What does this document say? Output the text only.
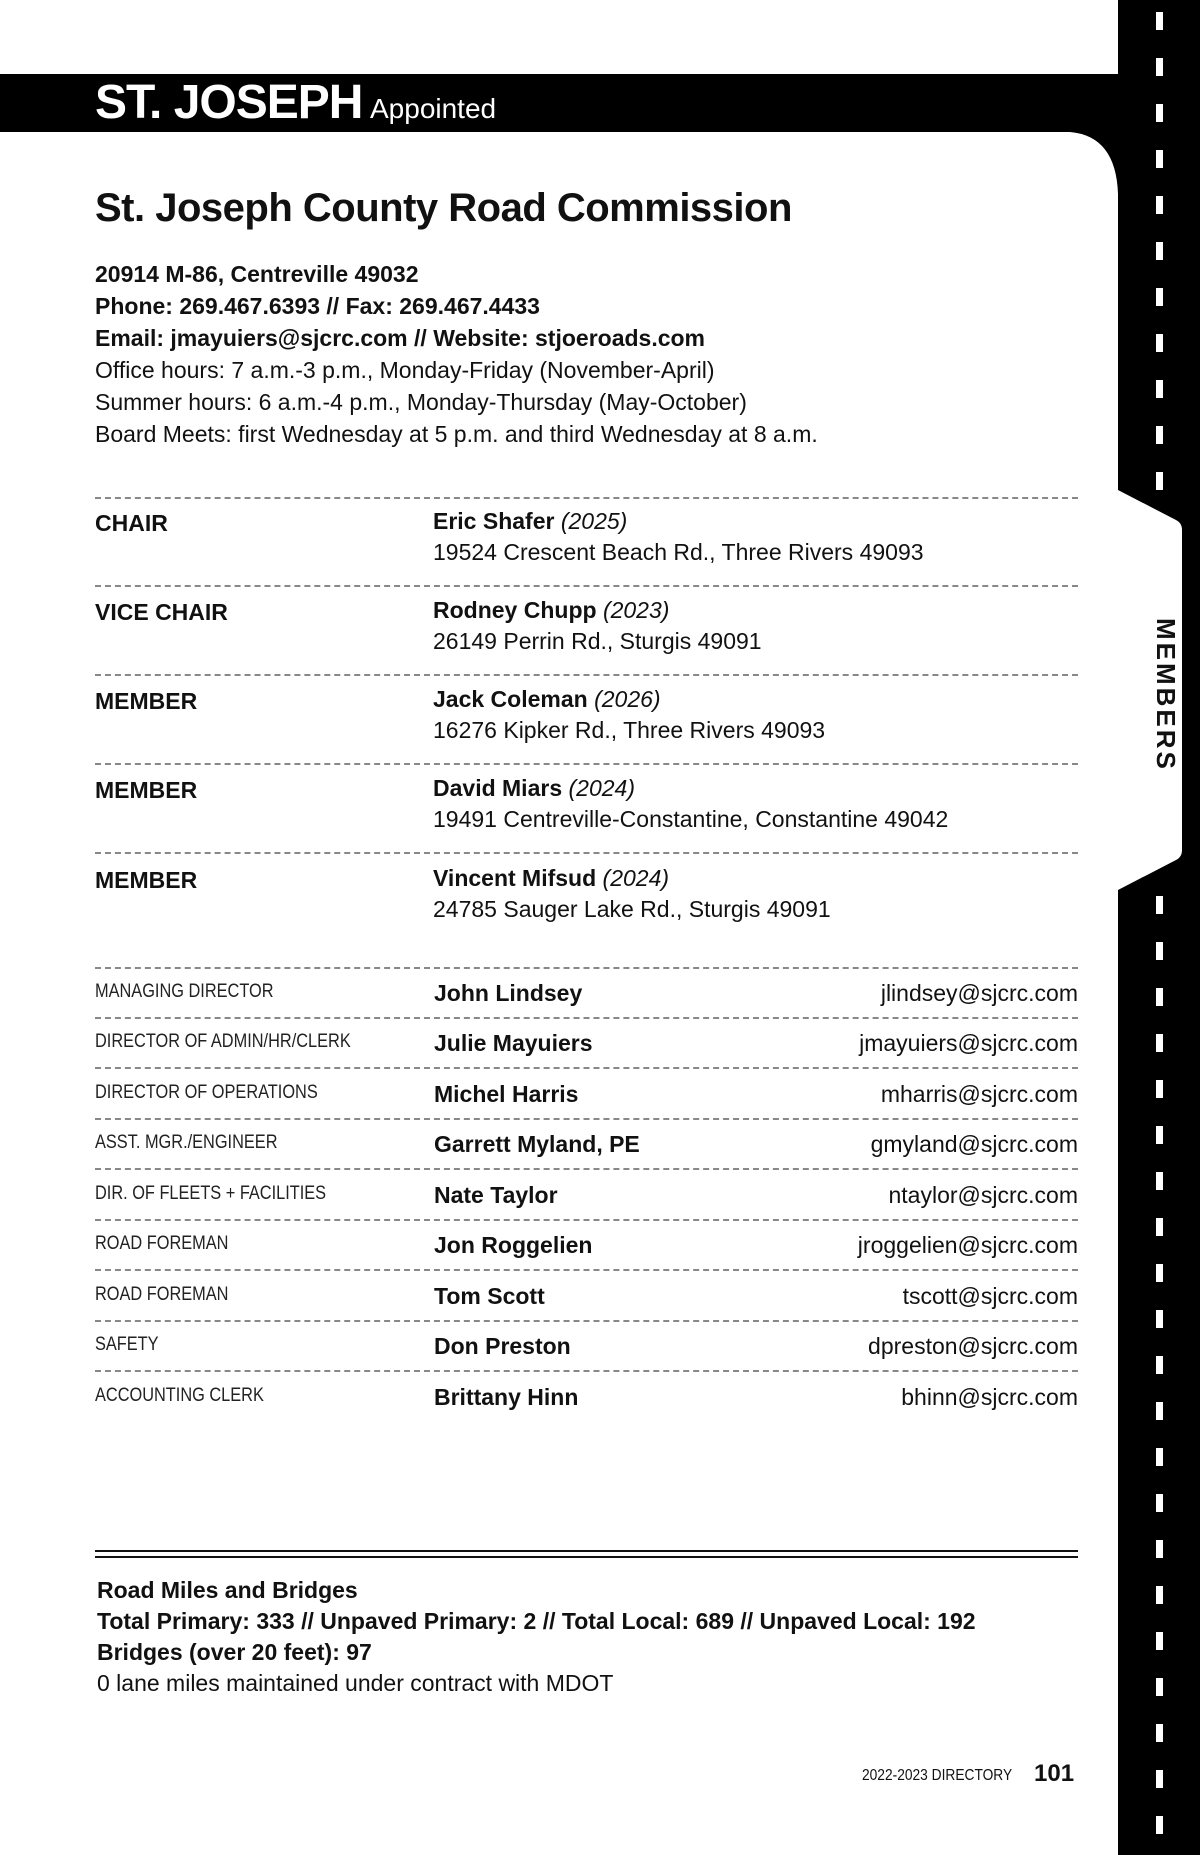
MEMBERS
ST. JOSEPH Appointed
St. Joseph County Road Commission
20914 M-86, Centreville 49032
Phone: 269.467.6393 // Fax: 269.467.4433
Email: jmayuiers@sjcrc.com // Website: stjoeroads.com
Office hours: 7 a.m.-3 p.m., Monday-Friday (November-April)
Summer hours: 6 a.m.-4 p.m., Monday-Thursday (May-October)
Board Meets: first Wednesday at 5 p.m. and third Wednesday at 8 a.m.
CHAIR	Eric Shafer (2025)
19524 Crescent Beach Rd., Three Rivers 49093
VICE CHAIR	Rodney Chupp (2023)
26149 Perrin Rd., Sturgis 49091
MEMBER	Jack Coleman (2026)
16276 Kipker Rd., Three Rivers 49093
MEMBER	David Miars (2024)
19491 Centreville-Constantine, Constantine 49042
MEMBER	Vincent Mifsud (2024)
24785 Sauger Lake Rd., Sturgis 49091
MANAGING DIRECTOR	John Lindsey	jlindsey@sjcrc.com
DIRECTOR OF ADMIN/HR/CLERK	Julie Mayuiers	jmayuiers@sjcrc.com
DIRECTOR OF OPERATIONS	Michel Harris	mharris@sjcrc.com
ASST. MGR./ENGINEER	Garrett Myland, PE	gmyland@sjcrc.com
DIR. OF FLEETS + FACILITIES	Nate Taylor	ntaylor@sjcrc.com
ROAD FOREMAN	Jon Roggelien	jroggelien@sjcrc.com
ROAD FOREMAN	Tom Scott	tscott@sjcrc.com
SAFETY	Don Preston	dpreston@sjcrc.com
ACCOUNTING CLERK	Brittany Hinn	bhinn@sjcrc.com
Road Miles and Bridges
Total Primary: 333 // Unpaved Primary: 2 // Total Local: 689 // Unpaved Local: 192
Bridges (over 20 feet): 97
0 lane miles maintained under contract with MDOT
2022-2023 DIRECTORY 101
